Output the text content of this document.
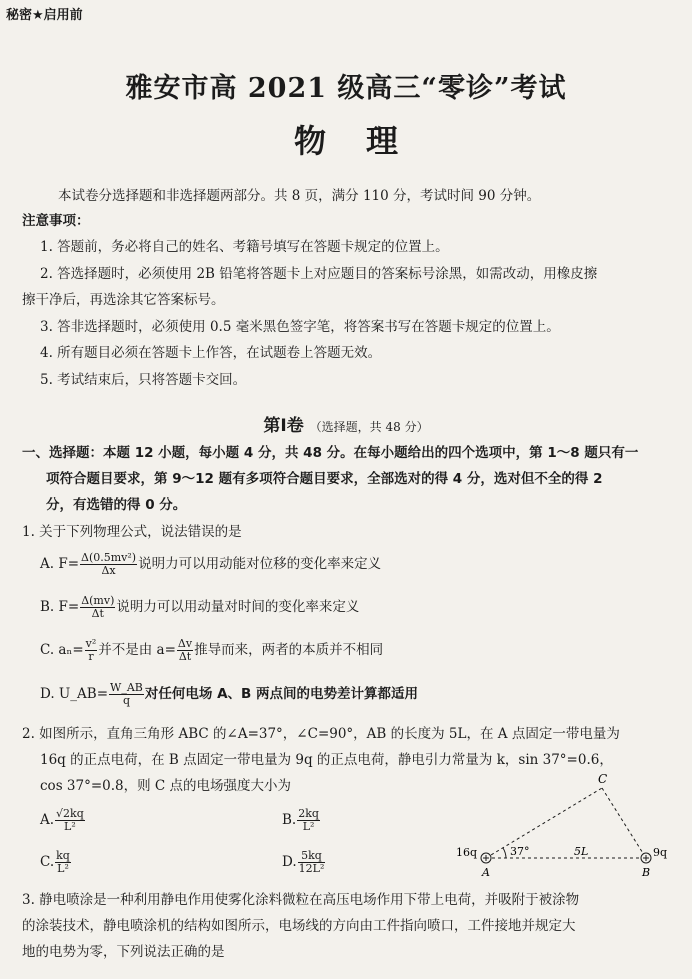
秘密★启用前
雅安市高 2021 级高三“零诊”考试
物理
本试卷分选择题和非选择题两部分。共 8 页，满分 110 分，考试时间 90 分钟。
注意事项：
1. 答题前，务必将自己的姓名、考籍号填写在答题卡规定的位置上。
2. 答选择题时，必须使用 2B 铅笔将答题卡上对应题目的答案标号涂黑，如需改动，用橡皮擦
擦干净后，再选涂其它答案标号。
3. 答非选择题时，必须使用 0.5 毫米黑色签字笔，将答案书写在答题卡规定的位置上。
4. 所有题目必须在答题卡上作答，在试题卷上答题无效。
5. 考试结束后，只将答题卡交回。
第Ⅰ卷 （选择题，共 48 分）
一、选择题：本题 12 小题，每小题 4 分，共 48 分。在每小题给出的四个选项中，第 1～8 题只有一
项符合题目要求，第 9～12 题有多项符合题目要求，全部选对的得 4 分，选对但不全的得 2
分，有选错的得 0 分。
1. 关于下列物理公式，说法错误的是
A. $F= \frac{\text{Δ(0.5mv²)}}{\Delta x}$ 说明力可以用动能对位移的变化率来定义
B. $F= \frac{\Delta(mv)}{\Delta t}$ 说明力可以用动量对时间的变化率来定义
C. $a_n= \frac{\text{v²}}{r}$ 并不是由 $a= \frac{\Delta v}{\Delta t}$ 推导而来，两者的本质并不相同
D. U_AB= $\frac{W\_AB}{q}$ 对任何电场 A、B 两点间的电势差计算都适用
2. 如图所示，直角三角形 ABC 的∠A=37°，∠C=90°，AB 的长度为 5L，在 A 点固定一带电量为
16q 的正点电荷，在 B 点固定一带电量为 9q 的正点电荷，静电引力常量为 k，sin 37°=0.6，
cos 37°=0.8，则 C 点的电场强度大小为
A. $\frac{√2kq}{\text{L²}}$	B. $\frac{2kq}{\text{L²}}$
C. $\frac{kq}{\text{L²}}$	D. $\frac{5kq}{\text{12L²}}$
C
A	B
16q	9q
37°	5L
3. 静电喷涂是一种利用静电作用使雾化涂料微粒在高压电场作用下带上电荷，并吸附于被涂物
的涂装技术，静电喷涂机的结构如图所示，电场线的方向由工件指向喷口，工件接地并规定大
地的电势为零，下列说法正确的是
